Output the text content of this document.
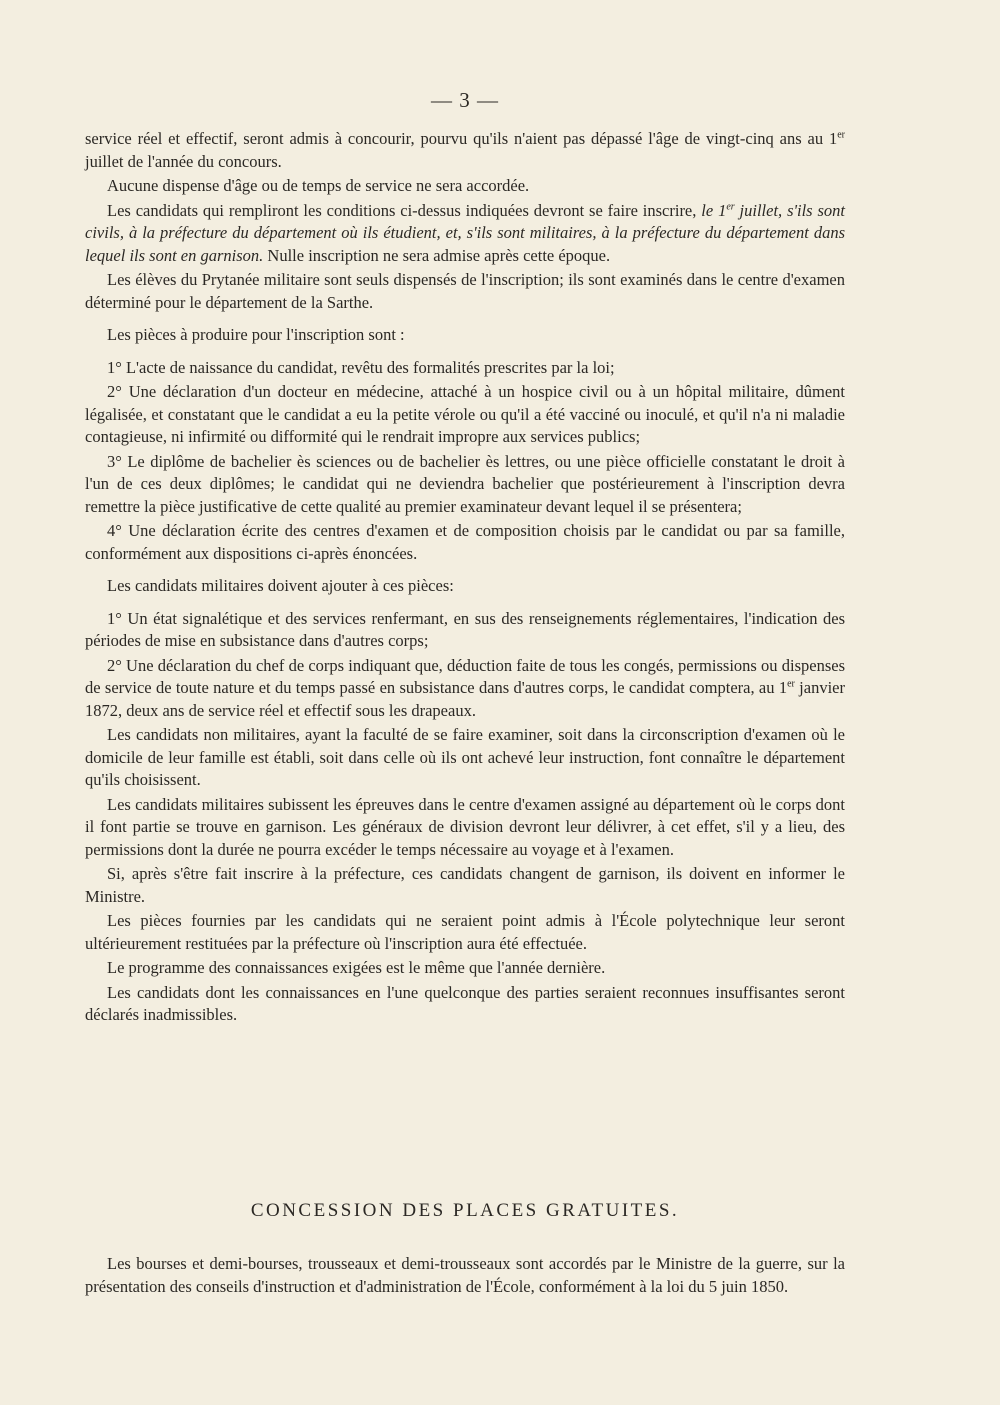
— 3 —

service réel et effectif, seront admis à concourir, pourvu qu'ils n'aient pas dépassé l'âge de vingt-cinq ans au 1er juillet de l'année du concours.

Aucune dispense d'âge ou de temps de service ne sera accordée.

Les candidats qui rempliront les conditions ci-dessus indiquées devront se faire inscrire, le 1er juillet, s'ils sont civils, à la préfecture du département où ils étudient, et, s'ils sont militaires, à la préfecture du département dans lequel ils sont en garnison. Nulle inscription ne sera admise après cette époque.

Les élèves du Prytanée militaire sont seuls dispensés de l'inscription; ils sont examinés dans le centre d'examen déterminé pour le département de la Sarthe.

Les pièces à produire pour l'inscription sont :

1° L'acte de naissance du candidat, revêtu des formalités prescrites par la loi;

2° Une déclaration d'un docteur en médecine, attaché à un hospice civil ou à un hôpital militaire, dûment légalisée, et constatant que le candidat a eu la petite vérole ou qu'il a été vacciné ou inoculé, et qu'il n'a ni maladie contagieuse, ni infirmité ou difformité qui le rendrait impropre aux services publics;

3° Le diplôme de bachelier ès sciences ou de bachelier ès lettres, ou une pièce officielle constatant le droit à l'un de ces deux diplômes; le candidat qui ne deviendra bachelier que postérieurement à l'inscription devra remettre la pièce justificative de cette qualité au premier examinateur devant lequel il se présentera;

4° Une déclaration écrite des centres d'examen et de composition choisis par le candidat ou par sa famille, conformément aux dispositions ci-après énoncées.

Les candidats militaires doivent ajouter à ces pièces:

1° Un état signalétique et des services renfermant, en sus des renseignements réglementaires, l'indication des périodes de mise en subsistance dans d'autres corps;

2° Une déclaration du chef de corps indiquant que, déduction faite de tous les congés, permissions ou dispenses de service de toute nature et du temps passé en subsistance dans d'autres corps, le candidat comptera, au 1er janvier 1872, deux ans de service réel et effectif sous les drapeaux.

Les candidats non militaires, ayant la faculté de se faire examiner, soit dans la circonscription d'examen où le domicile de leur famille est établi, soit dans celle où ils ont achevé leur instruction, font connaître le département qu'ils choisissent.

Les candidats militaires subissent les épreuves dans le centre d'examen assigné au département où le corps dont il font partie se trouve en garnison. Les généraux de division devront leur délivrer, à cet effet, s'il y a lieu, des permissions dont la durée ne pourra excéder le temps nécessaire au voyage et à l'examen.

Si, après s'être fait inscrire à la préfecture, ces candidats changent de garnison, ils doivent en informer le Ministre.

Les pièces fournies par les candidats qui ne seraient point admis à l'École polytechnique leur seront ultérieurement restituées par la préfecture où l'inscription aura été effectuée.

Le programme des connaissances exigées est le même que l'année dernière.

Les candidats dont les connaissances en l'une quelconque des parties seraient reconnues insuffisantes seront déclarés inadmissibles.

CONCESSION DES PLACES GRATUITES.

Les bourses et demi-bourses, trousseaux et demi-trousseaux sont accordés par le Ministre de la guerre, sur la présentation des conseils d'instruction et d'administration de l'École, conformément à la loi du 5 juin 1850.
